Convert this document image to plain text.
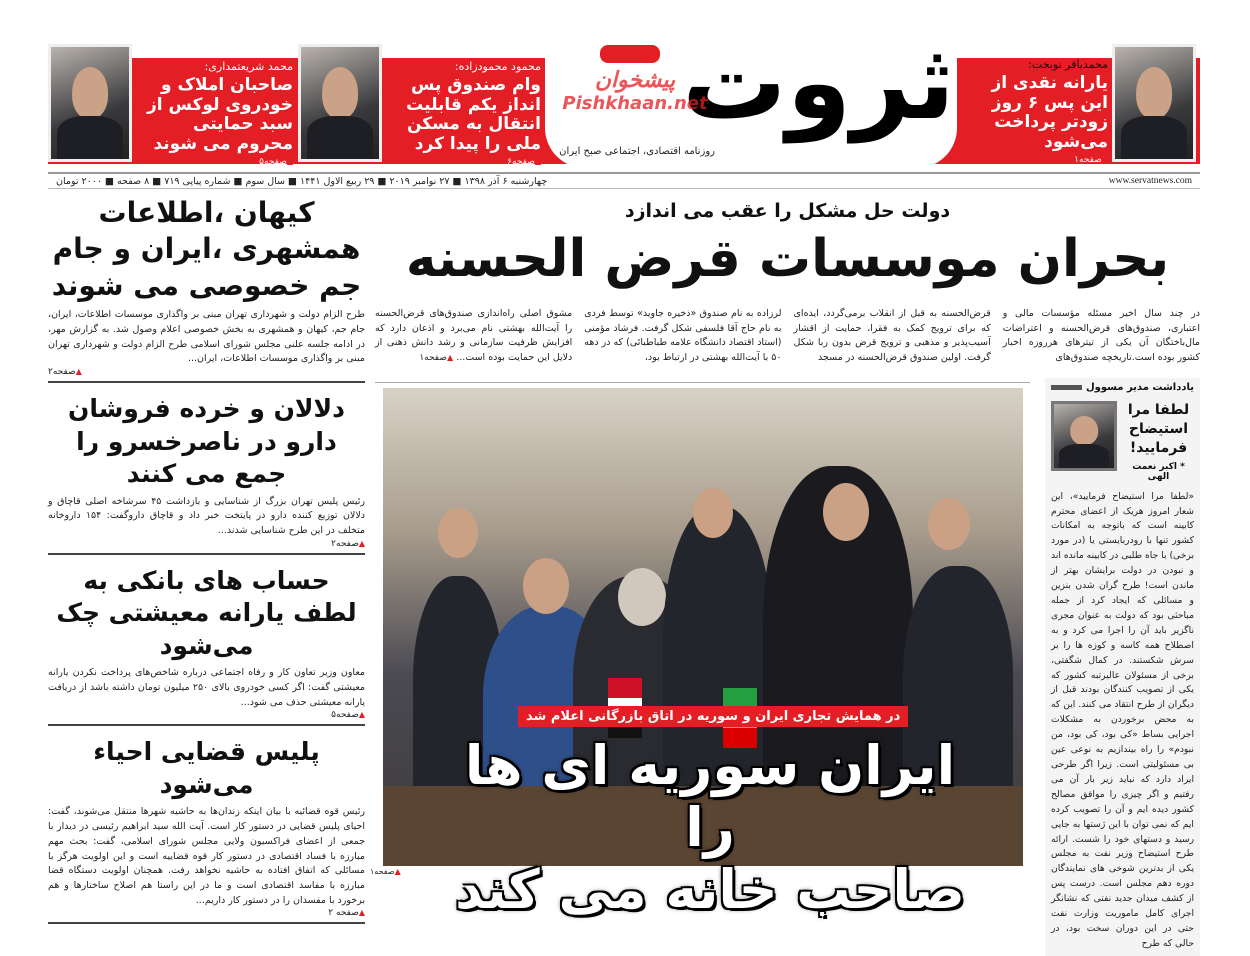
محمدباقر نوبخت:
یارانه نقدی از این پس ۶ روز زودتر پرداخت می‌شود
▲ صفحه۱
ثروت
پیشخوان
Pishkhaan.net
روزنامه اقتصادی، اجتماعی صبح ایران
محمود محمودزاده:
وام صندوق پس انداز یکم قابلیت انتقال به مسکن ملی را پیدا کرد
▲ صفحه۶
محمد شریعتمداری:
صاحبان املاک و خودروی لوکس از سبد حمایتی محروم می شوند
▲ صفحه۵
www.servatnews.com
چهارشنبه ۶ آذر ۱۳۹۸ ■ ۲۷ نوامبر ۲۰۱۹ ■ ۲۹ ربیع الاول ۱۴۴۱ ■ سال سوم ■ شماره پیاپی ۷۱۹ ■ ۸ صفحه ■ ۲۰۰۰ تومان
دولت حل مشکل را عقب می اندازد
بحران موسسات قرض الحسنه

در چند سال اخیر مسئله مؤسسات مالی و اعتباری، صندوق‌های قرض‌الحسنه و اعتراضات مال‌باختگان آن یکی از تیترهای هرروزه اخبار کشور بوده است.تاریخچه صندوق‌های

قرض‌الحسنه به قبل از انقلاب برمی‌گردد، ایده‌ای که برای ترویج کمک به فقرا، حمایت از اقشار آسیب‌پذیر و مذهبی و ترویج قرض بدون ربا شکل گرفت. اولین صندوق قرض‌الحسنه در مسجد

لرزاده به نام صندوق «ذخیره جاوید» توسط فردی به نام حاج آقا فلسفی شکل گرفت. فرشاد مؤمنی (استاد اقتصاد دانشگاه علامه طباطبائی) که در دهه ۵۰ با آیت‌الله بهشتی در ارتباط بود،

مشوق اصلی راه‌اندازی صندوق‌های قرض‌الحسنه را آیت‌الله بهشتی نام می‌برد و اذعان دارد که افزایش ظرفیت سازمانی و رشد دانش ذهنی از دلایل این حمایت بوده است... ▲ صفحه۱

در همایش تجاری ایران و سوریه در اتاق بازرگانی اعلام شد
ایران سوریه ای ها را
صاحب خانه می کند
▲ صفحه۱
کیهان ،اطلاعات همشهری ،ایران و جام جم خصوصی می شوند

طرح الزام دولت و شهرداری تهران مبنی بر واگذاری موسسات اطلاعات، ایران، جام جم، کیهان و همشهری به بخش خصوصی اعلام وصول شد. به گزارش مهر، در ادامه جلسه علنی مجلس شورای اسلامی طرح الزام دولت و شهرداری تهران مبنی بر واگذاری موسسات اطلاعات، ایران...

▲ صفحه۲
دلالان و خرده فروشان دارو در ناصرخسرو را جمع می کنند

رئیس پلیس تهران بزرگ از شناسایی و بازداشت ۴۵ سرشاخه اصلی قاچاق و دلالان توزیع کننده دارو در پایتخت خبر داد و قاچاق داروگفت: ۱۵۴ داروخانه متخلف در این طرح شناسایی شدند...

▲ صفحه۲
حساب های بانکی به لطف یارانه معیشتی چک می‌شود

معاون وزیر تعاون کار و رفاه اجتماعی درباره شاخص‌های پرداخت نکردن یارانه معیشتی گفت: اگر کسی خودروی بالای ۲۵۰ میلیون تومان داشته باشد از دریافت یارانه معیشتی حذف می شود...

▲ صفحه۵
پلیس قضایی احیاء می‌شود

رئیس قوه قضائیه با بیان اینکه زندان‌ها به حاشیه شهرها منتقل می‌شوند، گفت: احیای پلیس قضایی در دستور کار است. آیت الله سید ابراهیم رئیسی در دیدار با جمعی از اعضای فراکسیون ولایی مجلس شورای اسلامی، گفت: بحث مهم مبارزه با فساد اقتصادی در دستور کار قوه قضاییه است و این اولویت هرگز با مسائلی که اتفاق افتاده به حاشیه نخواهد رفت. همچنان اولویت دستگاه قضا مبارزه با مفاسد اقتصادی است و ما در این راستا هم اصلاح ساختارها و هم برخورد با مفسدان را در دستور کار داریم...

▲ صفحه ۲
یادداشت مدیر مسوول
لطفا مرا استیضاح فرمایید!
* اکبر نعمت الهی
«لطفا مرا استیضاح فرمایید»، این شعار امروز هریک از اعضای محترم کابینه است که باتوجه به امکانات کشور تنها با رودربایستی یا (در مورد برخی) با جاه طلبی در کابینه مانده اند و نبودن در دولت برایشان بهتر از ماندن است! طرح گران شدن بنزین و مسائلی که ایجاد کرد از جمله مباحثی بود که دولت به عنوان مجری ناگزیر باید آن را اجرا می کرد و به اصطلاح همه کاسه و کوزه ها را بر سرش شکستند. در کمال شگفتی، برخی از مسئولان عالیرتبه کشور که یکی از تصویب کنندگان بودند قبل از دیگران از طرح انتقاد می کنند. این که به محض برخوردن به مشکلات اجرایی بساط «کی بود، کی بود، من نبودم» را راه بیندازیم به نوعی عین بی مسئولیتی است. زیرا اگر طرحی ایراد دارد که نباید زیر بار آن می رفتیم و اگر چیزی را موافق مصالح کشور دیده ایم و آن را تصویب کرده ایم که نمی توان با این ژستها به جایی رسید و دستهای خود را شست. ارائه طرح استیضاح وزیر نفت به مجلس یکی از بدترین شوخی های نمایندگان دوره دهم مجلس است. درست پس از کشف میدان جدید نفتی که نشانگر اجرای کامل ماموریت وزارت نفت حتی در این دوران سخت بود، در حالی که طرح
